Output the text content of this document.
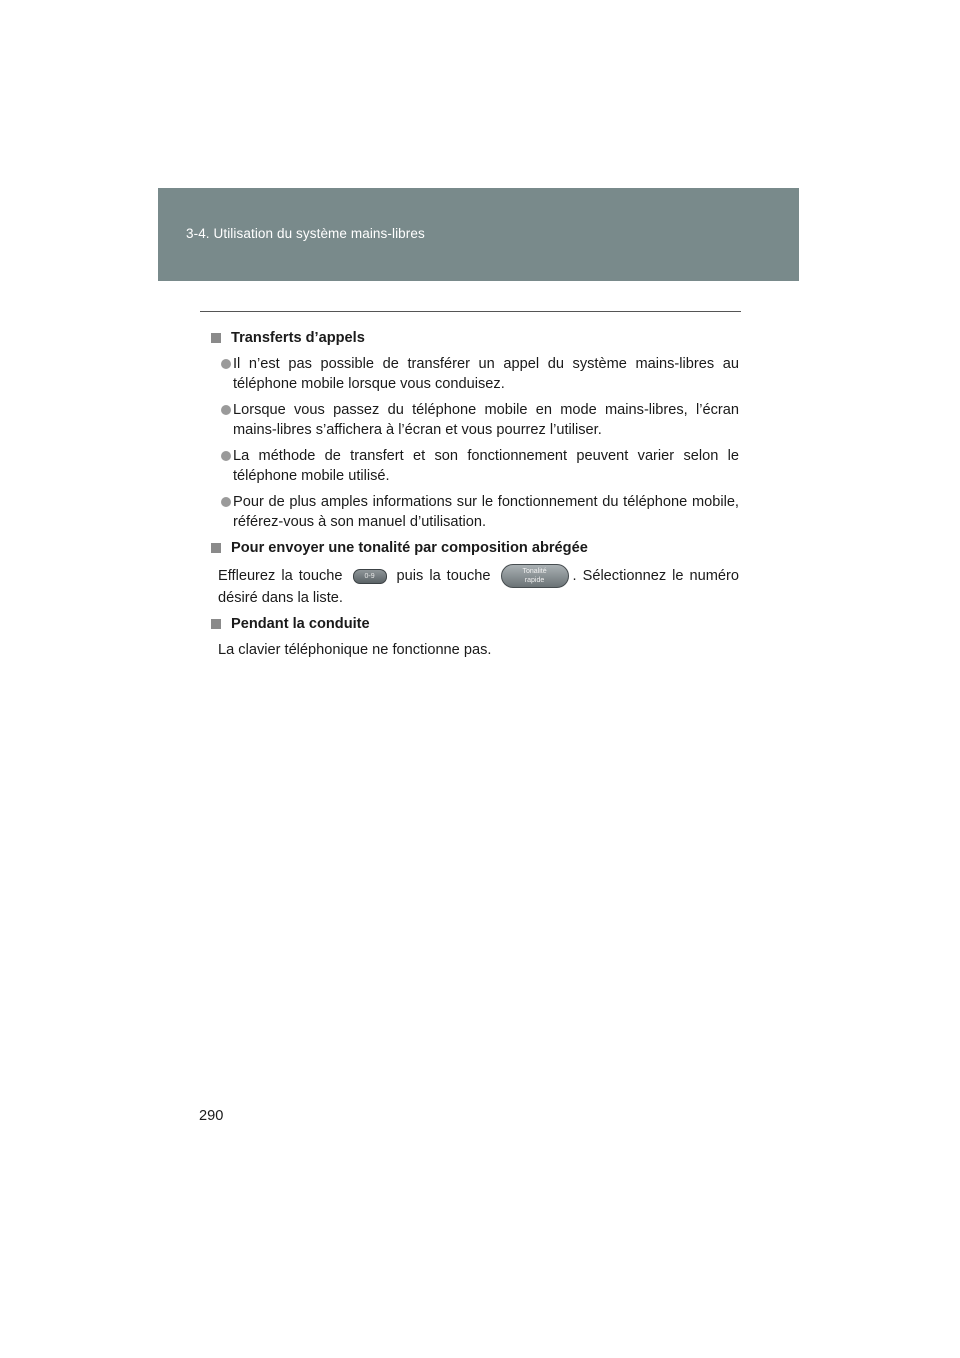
3-4. Utilisation du système mains-libres
Transferts d’appels
Il n’est pas possible de transférer un appel du système mains-libres au téléphone mobile lorsque vous conduisez.
Lorsque vous passez du téléphone mobile en mode mains-libres, l’écran mains-libres s’affichera à l’écran et vous pourrez l’utiliser.
La méthode de transfert et son fonctionnement peuvent varier selon le téléphone mobile utilisé.
Pour de plus amples informations sur le fonctionnement du téléphone mobile, référez-vous à son manuel d’utilisation.
Pour envoyer une tonalité par composition abrégée
Effleurez la touche	0-9 puis la touche	Tonalité
rapide . Sélectionnez le numéro désiré dans la liste.
Pendant la conduite
La clavier téléphonique ne fonctionne pas.
290
